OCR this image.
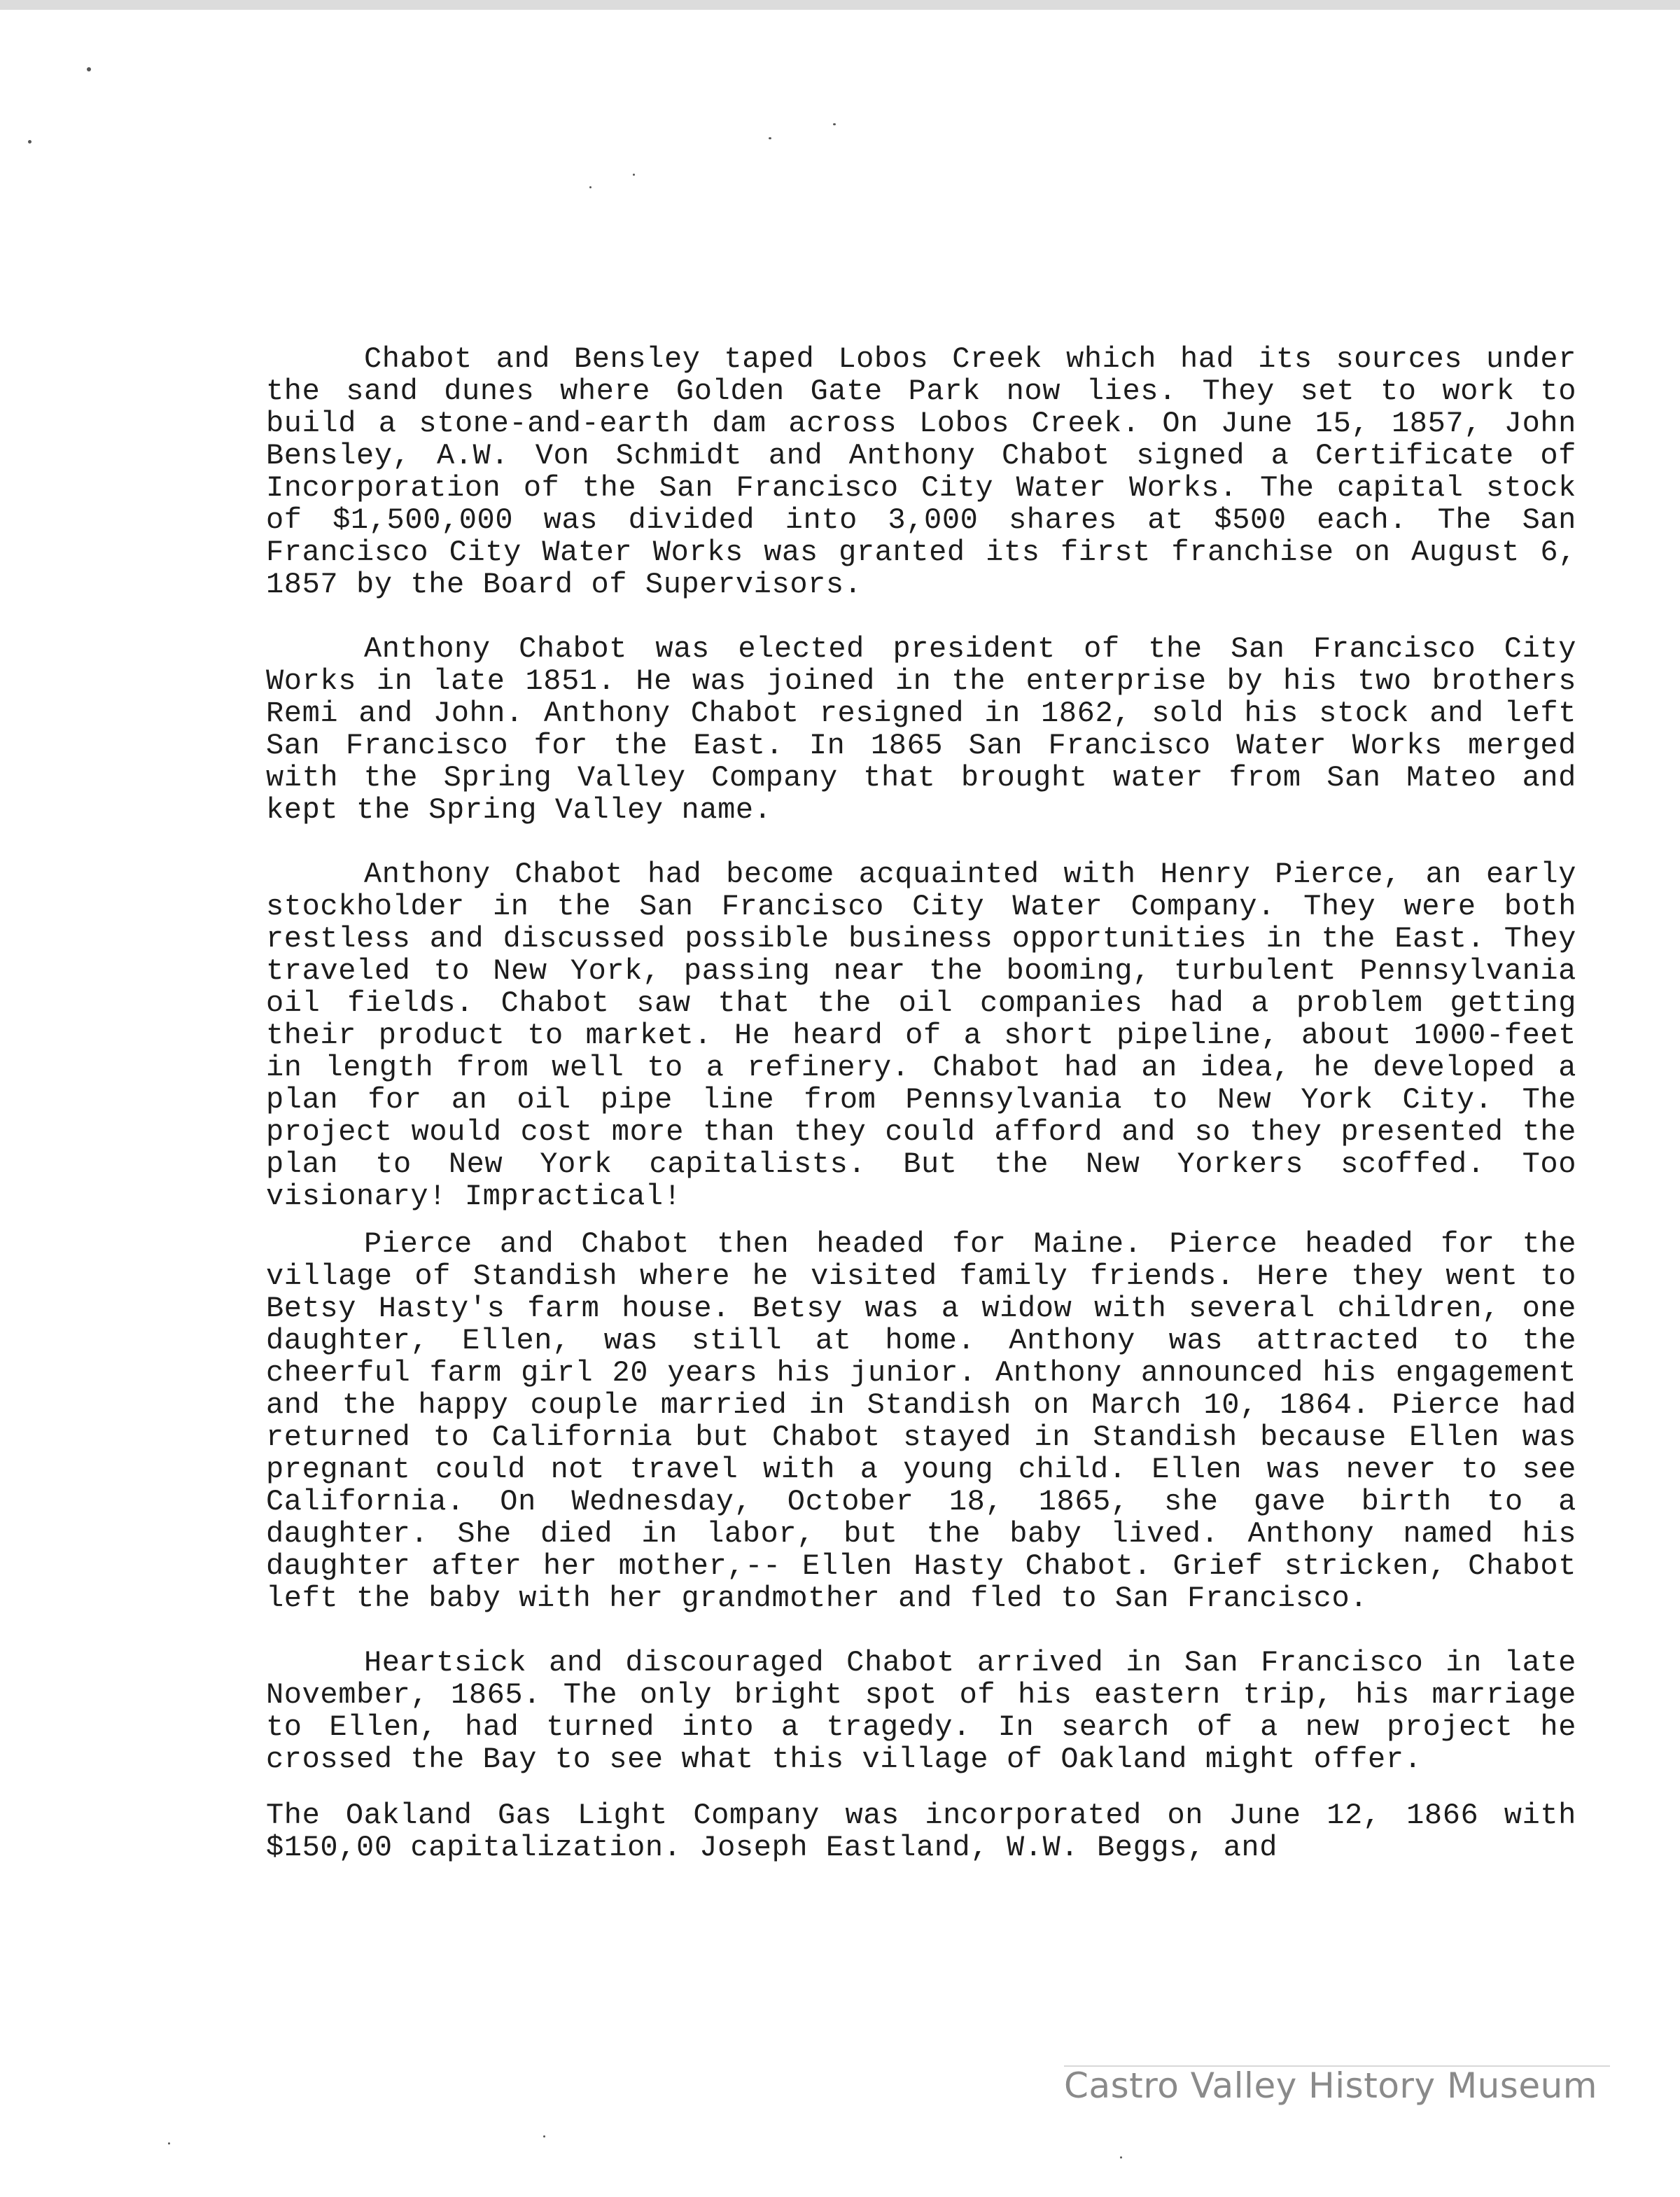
Chabot and Bensley taped Lobos Creek which had its sources under the sand dunes where Golden Gate Park now lies. They set to work to build a stone-and-earth dam across Lobos Creek. On June 15, 1857, John Bensley, A.W. Von Schmidt and Anthony Chabot signed a Certificate of Incorporation of the San Francisco City Water Works. The capital stock of $1,500,000 was divided into 3,000 shares at $500 each. The San Francisco City Water Works was granted its first franchise on August 6, 1857 by the Board of Supervisors.

Anthony Chabot was elected president of the San Francisco City Works in late 1851. He was joined in the enterprise by his two brothers Remi and John. Anthony Chabot resigned in 1862, sold his stock and left San Francisco for the East. In 1865 San Francisco Water Works merged with the Spring Valley Company that brought water from San Mateo and kept the Spring Valley name.

Anthony Chabot had become acquainted with Henry Pierce, an early stockholder in the San Francisco City Water Company. They were both restless and discussed possible business opportunities in the East. They traveled to New York, passing near the booming, turbulent Pennsylvania oil fields. Chabot saw that the oil companies had a problem getting their product to market. He heard of a short pipeline, about 1000-feet in length from well to a refinery. Chabot had an idea, he developed a plan for an oil pipe line from Pennsylvania to New York City. The project would cost more than they could afford and so they presented the plan to New York capitalists. But the New Yorkers scoffed. Too visionary! Impractical!

Pierce and Chabot then headed for Maine. Pierce headed for the village of Standish where he visited family friends. Here they went to Betsy Hasty's farm house. Betsy was a widow with several children, one daughter, Ellen, was still at home. Anthony was attracted to the cheerful farm girl 20 years his junior. Anthony announced his engagement and the happy couple married in Standish on March 10, 1864. Pierce had returned to California but Chabot stayed in Standish because Ellen was pregnant could not travel with a young child. Ellen was never to see California. On Wednesday, October 18, 1865, she gave birth to a daughter. She died in labor, but the baby lived. Anthony named his daughter after her mother,-- Ellen Hasty Chabot. Grief stricken, Chabot left the baby with her grandmother and fled to San Francisco.

Heartsick and discouraged Chabot arrived in San Francisco in late November, 1865. The only bright spot of his eastern trip, his marriage to Ellen, had turned into a tragedy. In search of a new project he crossed the Bay to see what this village of Oakland might offer.

The Oakland Gas Light Company was incorporated on June 12, 1866 with $150,00 capitalization. Joseph Eastland, W.W. Beggs, and

Castro Valley History Museum
